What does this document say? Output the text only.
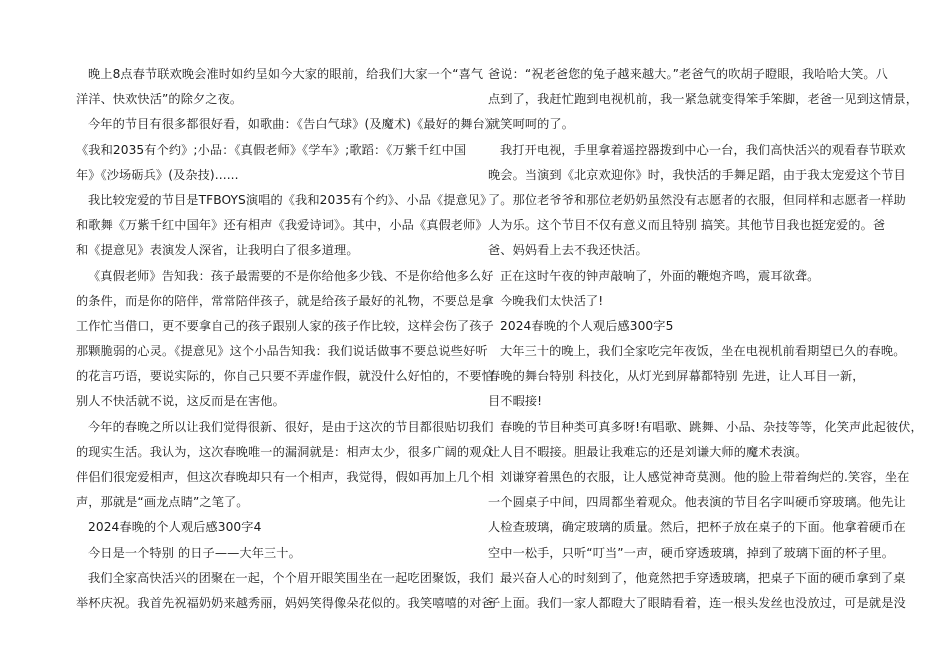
晚上8点春节联欢晚会准时如约呈如今大家的眼前，给我们大家一个“喜气
洋洋、快欢快活”的除夕之夜。
今年的节目有很多都很好看，如歌曲：《告白气球》(及魔术)《最好的舞台》
《我和2035有个约》;小品：《真假老师》《学车》;歌蹈：《万紫千红中国
年》《沙场砺兵》(及杂技)......
我比较宠爱的节目是TFBOYS演唱的《我和2035有个约》、小品《提意见》
和歌舞《万紫千红中国年》还有相声《我爱诗词》。其中，小品《真假老师》
和《提意见》表演发人深省，让我明白了很多道理。
《真假老师》告知我：孩子最需要的不是你给他多少钱、不是你给他多么好
的条件，而是你的陪伴，常常陪伴孩子，就是给孩子最好的礼物，不要总是拿
工作忙当借口，更不要拿自己的孩子跟别人家的孩子作比较，这样会伤了孩子
那颗脆弱的心灵。《提意见》这个小品告知我：我们说话做事不要总说些好听
的花言巧语，要说实际的，你自己只要不弄虚作假，就没什么好怕的，不要怕
别人不快活就不说，这反而是在害他。
今年的春晚之所以让我们觉得很新、很好，是由于这次的节目都很贴切我们
的现实生活。我认为，这次春晚唯一的漏洞就是：相声太少，很多广阔的观众
伴侣们很宠爱相声，但这次春晚却只有一个相声，我觉得，假如再加上几个相
声，那就是“画龙点睛”之笔了。
2024春晚的个人观后感300字4
今日是一个特别 的日子——大年三十。
我们全家高快活兴的团聚在一起，个个眉开眼笑围坐在一起吃团聚饭，我们
举杯庆祝。我首先祝福奶奶来越秀丽，妈妈笑得像朵花似的。我笑嘻嘻的对爸
爸说：“祝老爸您的兔子越来越大。”老爸气的吹胡子瞪眼，我哈哈大笑。八
点到了，我赶忙跑到电视机前，我一紧急就变得笨手笨脚，老爸一见到这情景，
就笑呵呵的了。
我打开电视，手里拿着遥控器拨到中心一台，我们高快活兴的观看春节联欢
晚会。当演到《北京欢迎你》时，我快活的手舞足蹈，由于我太宠爱这个节目
了。那位老爷爷和那位老奶奶虽然没有志愿者的衣服，但同样和志愿者一样助
人为乐。这个节目不仅有意义而且特别 搞笑。其他节目我也挺宠爱的。爸
爸、妈妈看上去不我还快活。
正在这时午夜的钟声敲响了，外面的鞭炮齐鸣，震耳欲聋。
今晚我们太快活了!
2024春晚的个人观后感300字5
大年三十的晚上，我们全家吃完年夜饭，坐在电视机前看期望已久的春晚。
春晚的舞台特别 科技化，从灯光到屏幕都特别 先进，让人耳目一新，
目不暇接!
春晚的节目种类可真多呀!有唱歌、跳舞、小品、杂技等等，化笑声此起彼伏，
让人目不暇接。胆最让我难忘的还是刘谦大师的魔术表演。
刘谦穿着黑色的衣服，让人感觉神奇莫测。他的脸上带着绚烂的.笑容，坐在
一个圆桌子中间，四周都坐着观众。他表演的节目名字叫硬币穿玻璃。他先让
人检查玻璃，确定玻璃的质量。然后，把杯子放在桌子的下面。他拿着硬币在
空中一松手，只听“叮当”一声，硬币穿透玻璃，掉到了玻璃下面的杯子里。
最兴奋人心的时刻到了，他竟然把手穿透玻璃，把桌子下面的硬币拿到了桌
子上面。我们一家人都瞪大了眼睛看着，连一根头发丝也没放过，可是就是没
